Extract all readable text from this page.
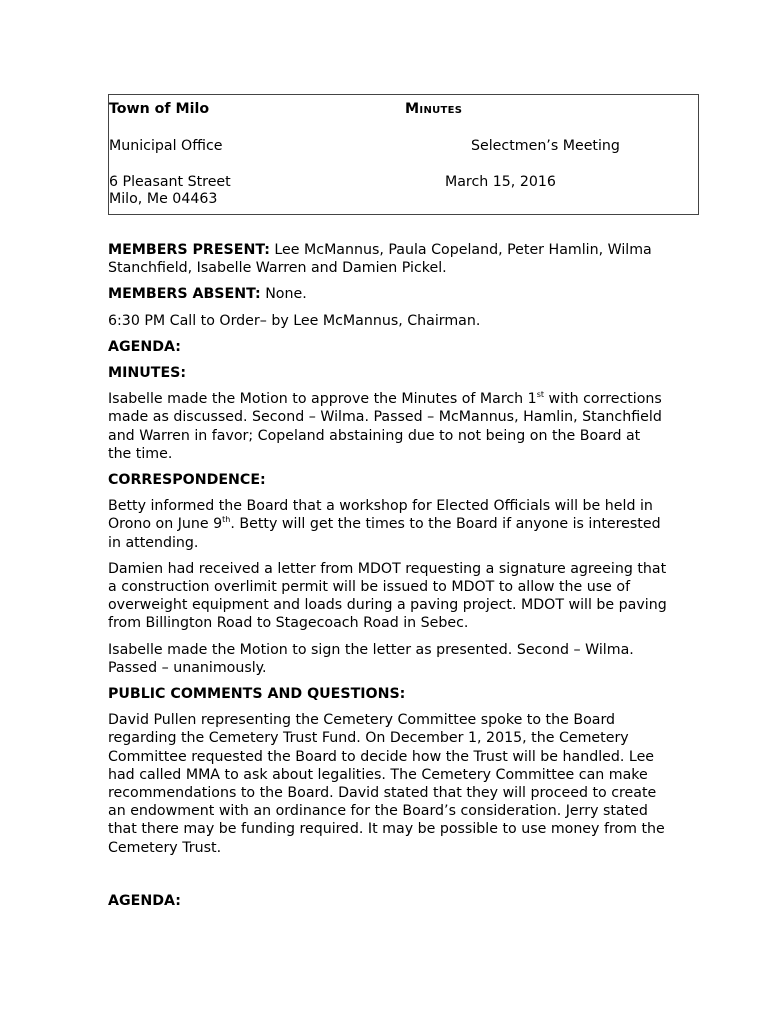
Town of Milo	Minutes
Municipal Office	Selectmen’s Meeting
6 Pleasant Street	March 15, 2016
Milo, Me 04463

MEMBERS PRESENT: Lee McMannus, Paula Copeland, Peter Hamlin, Wilma Stanchfield, Isabelle Warren and Damien Pickel.

MEMBERS ABSENT: None.

6:30 PM Call to Order– by Lee McMannus, Chairman.

AGENDA:

MINUTES:

Isabelle made the Motion to approve the Minutes of March 1st with corrections made as discussed. Second – Wilma. Passed – McMannus, Hamlin, Stanchfield and Warren in favor; Copeland abstaining due to not being on the Board at the time.

CORRESPONDENCE:

Betty informed the Board that a workshop for Elected Officials will be held in Orono on June 9th. Betty will get the times to the Board if anyone is interested in attending.

Damien had received a letter from MDOT requesting a signature agreeing that a construction overlimit permit will be issued to MDOT to allow the use of overweight equipment and loads during a paving project. MDOT will be paving from Billington Road to Stagecoach Road in Sebec.

Isabelle made the Motion to sign the letter as presented. Second – Wilma. Passed – unanimously.

PUBLIC COMMENTS AND QUESTIONS:

David Pullen representing the Cemetery Committee spoke to the Board regarding the Cemetery Trust Fund. On December 1, 2015, the Cemetery Committee requested the Board to decide how the Trust will be handled. Lee had called MMA to ask about legalities. The Cemetery Committee can make recommendations to the Board. David stated that they will proceed to create an endowment with an ordinance for the Board’s consideration. Jerry stated that there may be funding required. It may be possible to use money from the Cemetery Trust.

AGENDA:
